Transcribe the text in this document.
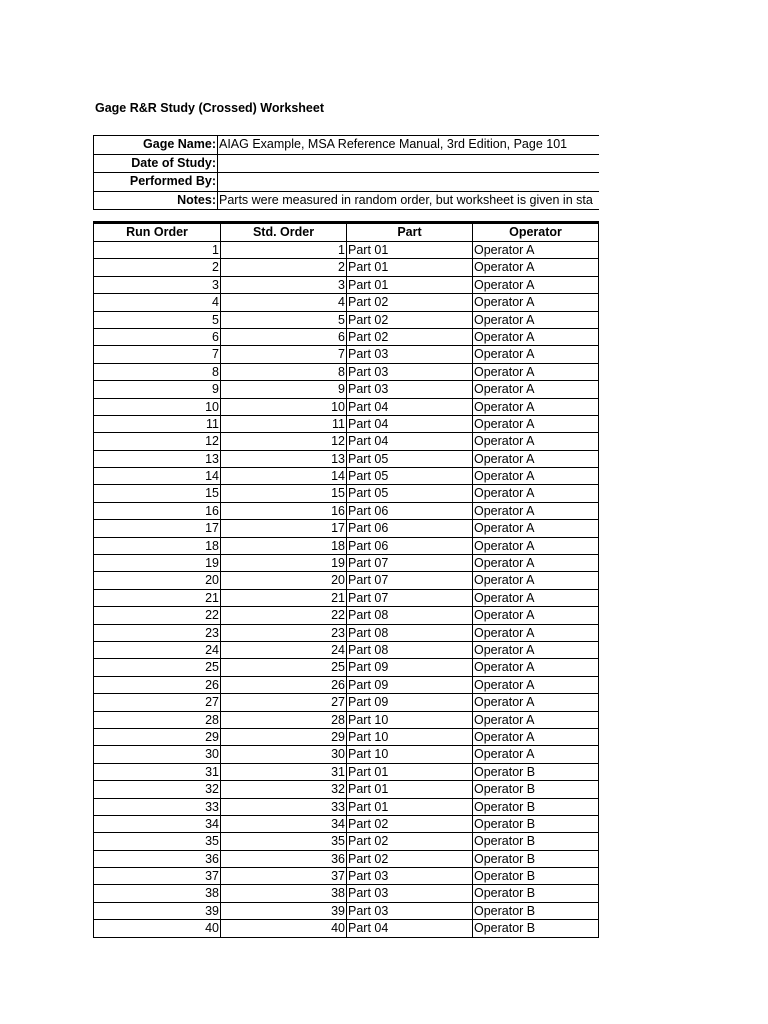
Gage R&R Study (Crossed) Worksheet
Gage Name: AIAG Example, MSA Reference Manual, 3rd Edition, Page 101
Date of Study:
Performed By:
Notes: Parts were measured in random order, but worksheet is given in sta
Run Order	Std. Order	Part	Operator
1	1 Part 01	Operator A
2	2 Part 01	Operator A
3	3 Part 01	Operator A
4	4 Part 02	Operator A
5	5 Part 02	Operator A
6	6 Part 02	Operator A
7	7 Part 03	Operator A
8	8 Part 03	Operator A
9	9 Part 03	Operator A
10	10 Part 04	Operator A
11	11 Part 04	Operator A
12	12 Part 04	Operator A
13	13 Part 05	Operator A
14	14 Part 05	Operator A
15	15 Part 05	Operator A
16	16 Part 06	Operator A
17	17 Part 06	Operator A
18	18 Part 06	Operator A
19	19 Part 07	Operator A
20	20 Part 07	Operator A
21	21 Part 07	Operator A
22	22 Part 08	Operator A
23	23 Part 08	Operator A
24	24 Part 08	Operator A
25	25 Part 09	Operator A
26	26 Part 09	Operator A
27	27 Part 09	Operator A
28	28 Part 10	Operator A
29	29 Part 10	Operator A
30	30 Part 10	Operator A
31	31 Part 01	Operator B
32	32 Part 01	Operator B
33	33 Part 01	Operator B
34	34 Part 02	Operator B
35	35 Part 02	Operator B
36	36 Part 02	Operator B
37	37 Part 03	Operator B
38	38 Part 03	Operator B
39	39 Part 03	Operator B
40	40 Part 04	Operator B
